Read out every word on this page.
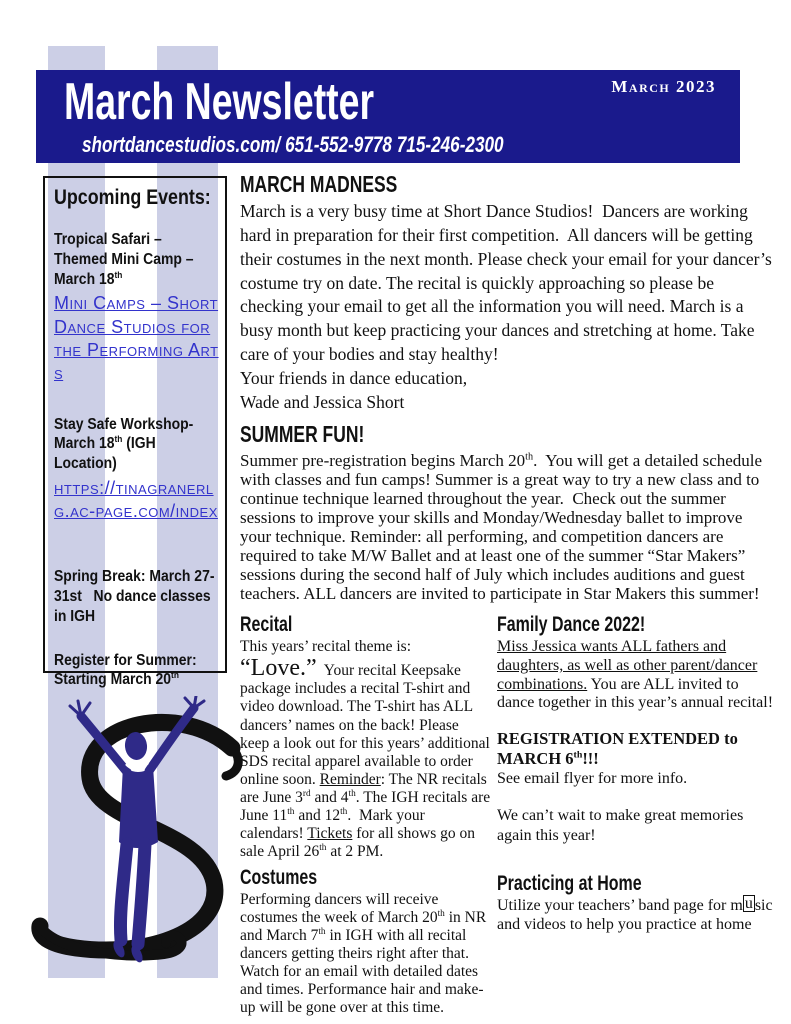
March 2023
March Newsletter
shortdancestudios.com/ 651-552-9778 715-246-2300
Upcoming Events:
Tropical Safari – Themed Mini Camp – March 18th
Mini Camps – Short Dance Studios for the Performing Arts
Stay Safe Workshop- March 18th (IGH Location)
https://tinagranerlg.ac-page.com/index
Spring Break: March 27-31st   No dance classes in IGH
Register for Summer: Starting March 20th
MARCH MADNESS

March is a very busy time at Short Dance Studios!  Dancers are working hard in preparation for their first competition.  All dancers will be getting their costumes in the next month. Please check your email for your dancer’s costume try on date. The recital is quickly approaching so please be checking your email to get all the information you will need. March is a busy month but keep practicing your dances and stretching at home. Take care of your bodies and stay healthy!

Your friends in dance education,

Wade and Jessica Short

SUMMER FUN!

Summer pre-registration begins March 20th.  You will get a detailed schedule with classes and fun camps! Summer is a great way to try a new class and to continue technique learned throughout the year.  Check out the summer sessions to improve your skills and Monday/Wednesday ballet to improve your technique. Reminder: all performing, and competition dancers are required to take M/W Ballet and at least one of the summer “Star Makers” sessions during the second half of July which includes auditions and guest teachers. ALL dancers are invited to participate in Star Makers this summer!

Recital

This years’ recital theme is:
“Love.”  Your recital Keepsake package includes a recital T-shirt and video download. The T-shirt has ALL dancers’ names on the back! Please keep a look out for this years’ additional SDS recital apparel available to order online soon. Reminder: The NR recitals are June 3rd and 4th. The IGH recitals are June 11th and 12th.  Mark your calendars! Tickets for all shows go on sale April 26th at 2 PM.

Costumes

Performing dancers will receive costumes the week of March 20th in NR and March 7th in IGH with all recital dancers getting theirs right after that. Watch for an email with detailed dates and times. Performance hair and make-up will be gone over at this time.

Family Dance 2022!

Miss Jessica wants ALL fathers and daughters, as well as other parent/dancer combinations. You are ALL invited to dance together in this year’s annual recital!

REGISTRATION EXTENDED to MARCH 6th!!!

See email flyer for more info.

We can’t wait to make great memories again this year!

Practicing at Home

Utilize your teachers’ band page for m u sic and videos to help you practice at home
